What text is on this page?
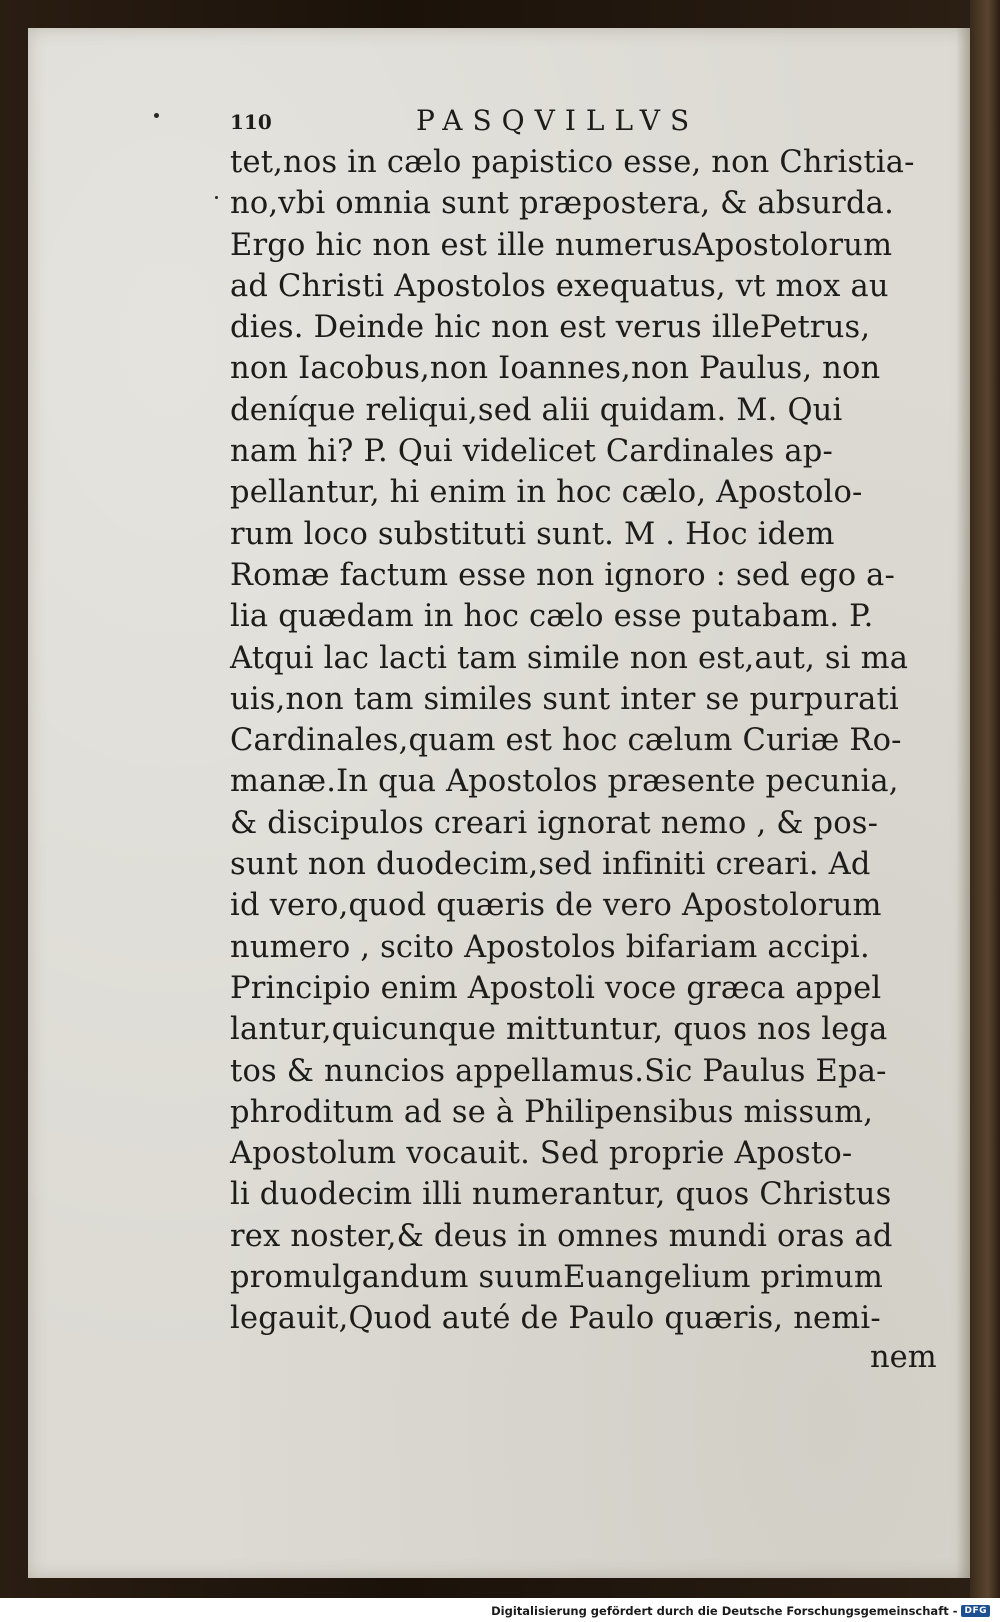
110	PASQVILLVS
tet,nos in cælo papistico esse, non Christia-
no,vbi omnia sunt præpostera, & absurda.
Ergo hic non est ille numerusApostolorum
ad Christi Apostolos exequatus, vt mox au
dies. Deinde hic non est verus illePetrus,
non Iacobus,non Ioannes,non Paulus, non
deníque reliqui,sed alii quidam. M. Qui
nam hi? P. Qui videlicet Cardinales ap-
pellantur, hi enim in hoc cælo, Apostolo-
rum loco substituti sunt. M . Hoc idem
Romæ factum esse non ignoro : sed ego a-
lia quædam in hoc cælo esse putabam. P.
Atqui lac lacti tam simile non est,aut, si ma
uis,non tam similes sunt inter se purpurati
Cardinales,quam est hoc cælum Curiæ Ro-
manæ.In qua Apostolos præsente pecunia,
& discipulos creari ignorat nemo , & pos-
sunt non duodecim,sed infiniti creari. Ad
id vero,quod quæris de vero Apostolorum
numero , scito Apostolos bifariam accipi.
Principio enim Apostoli voce græca appel
lantur,quicunque mittuntur, quos nos lega
tos & nuncios appellamus.Sic Paulus Epa-
phroditum ad se à Philipensibus missum,
Apostolum vocauit. Sed proprie Aposto-
li duodecim illi numerantur, quos Christus
rex noster,& deus in omnes mundi oras ad
promulgandum suumEuangelium primum
legauit,Quod auté de Paulo quæris, nemi-
nem
Digitalisierung gefördert durch die Deutsche Forschungsgemeinschaft - DFG
